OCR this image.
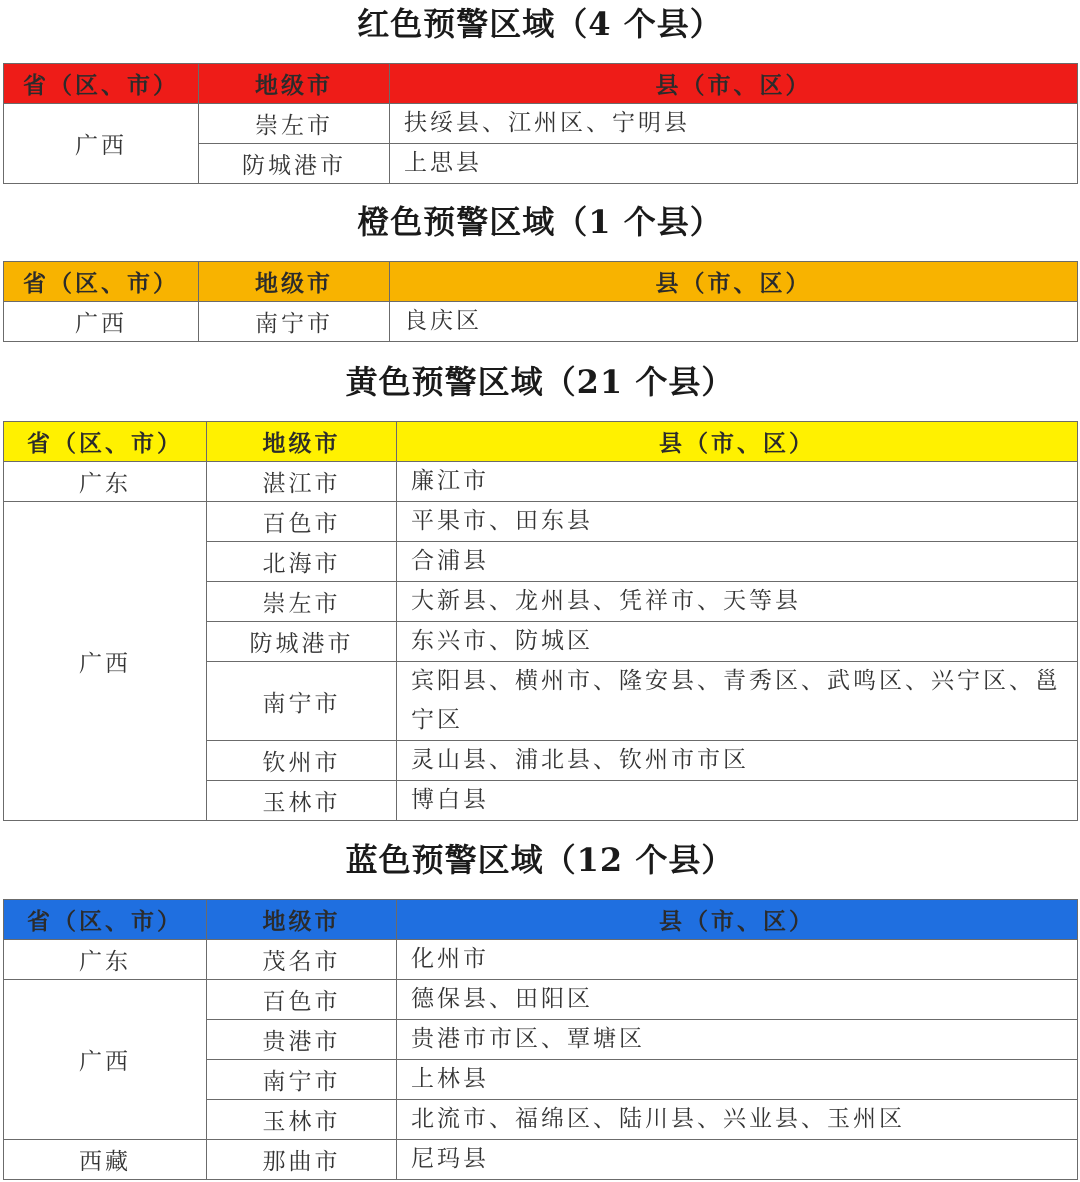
红色预警区域（4 个县）
省（区、市）	地级市	县（市、区）
广西	崇左市	扶绥县、江州区、宁明县
	防城港市	上思县
橙色预警区域（1 个县）
省（区、市）	地级市	县（市、区）
广西	南宁市	良庆区
黄色预警区域（21 个县）
省（区、市）	地级市	县（市、区）
广东	湛江市	廉江市
广西	百色市	平果市、田东县
	北海市	合浦县
	崇左市	大新县、龙州县、凭祥市、天等县
	防城港市	东兴市、防城区
	南宁市	宾阳县、横州市、隆安县、青秀区、武鸣区、兴宁区、邕宁区
	钦州市	灵山县、浦北县、钦州市市区
	玉林市	博白县
蓝色预警区域（12 个县）
省（区、市）	地级市	县（市、区）
广东	茂名市	化州市
广西	百色市	德保县、田阳区
	贵港市	贵港市市区、覃塘区
	南宁市	上林县
	玉林市	北流市、福绵区、陆川县、兴业县、玉州区
西藏	那曲市	尼玛县
